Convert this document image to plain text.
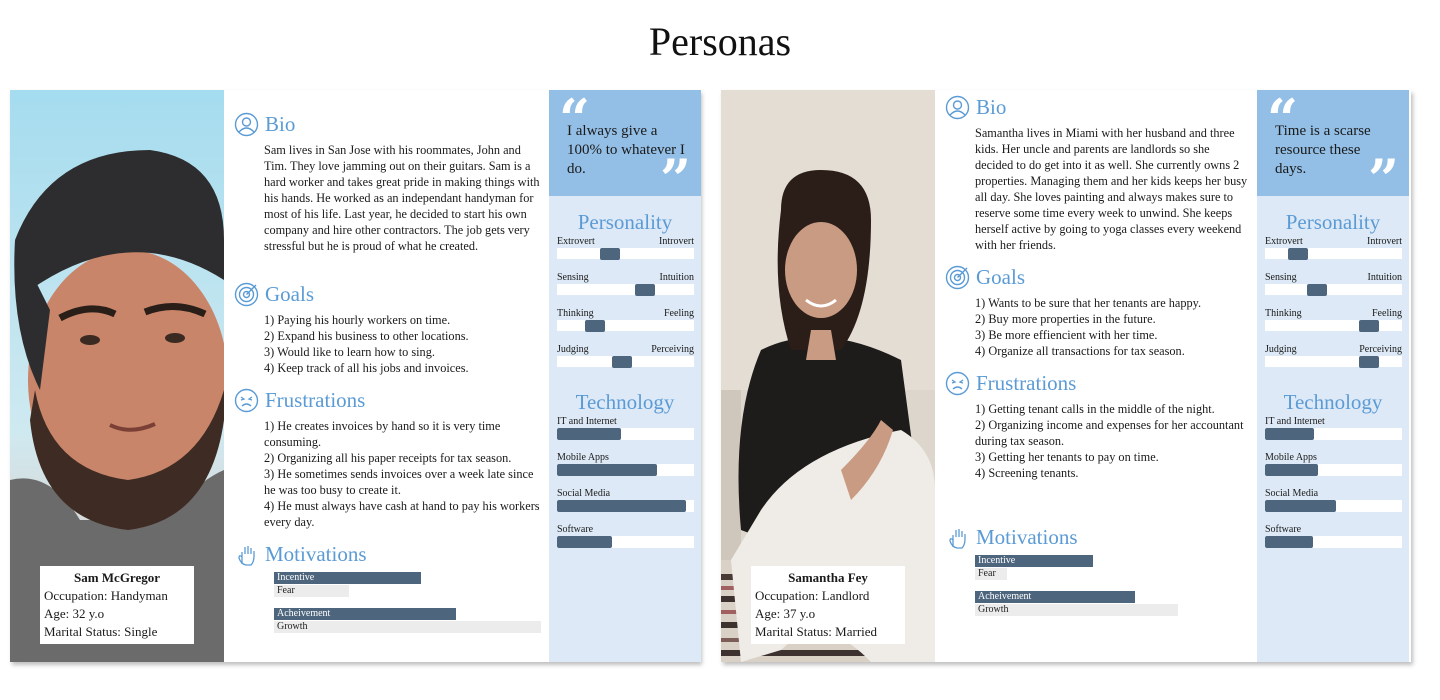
Personas
Sam McGregor
Occupation: Handyman
Age: 32 y.o
Marital Status: Single
Bio
Sam lives in San Jose with his roommates, John and Tim. They love jamming out on their guitars. Sam is a hard worker and takes great pride in making things with his hands. He worked as an independant handyman for most of his life. Last year, he decided to start his own company and hire other contractors. The job gets very stressful but he is proud of what he created.
Goals
1) Paying his hourly workers on time.
2) Expand his business to other locations.
3) Would like to learn how to sing.
4) Keep track of all his jobs and invoices.
Frustrations
1) He creates invoices by hand so it is very time consuming.
2) Organizing all his paper receipts for tax season.
3) He sometimes sends invoices over a week late since he was too busy to create it.
4) He must always have cash at hand to pay his workers every day.
Motivations
Incentive
Fear
Acheivement
Growth
“
I always give a 100% to whatever I do.	”
Personality
Technology
Extrovert	Introvert
Sensing	Intuition
Thinking	Feeling
Judging	Perceiving
IT and Internet
Mobile Apps
Social Media
Software
Samantha Fey
Occupation: Landlord
Age: 37 y.o
Marital Status: Married
Bio
Samantha lives in Miami with her husband and three kids. Her uncle and parents are landlords so she decided to do get into it as well. She currently owns 2 properties. Managing them and her kids keeps her busy all day. She loves painting and always makes sure to reserve some time every week to unwind. She keeps herself active by going to yoga classes every weekend with her friends.
Goals
1) Wants to be sure that her tenants are happy.
2) Buy more properties in the future.
3) Be more effiencient with her time.
4) Organize all transactions for tax season.
Frustrations
1) Getting tenant calls in the middle of the night.
2) Organizing income and expenses for her accountant during tax season.
3) Getting her tenants to pay on time.
4) Screening tenants.
Motivations
Incentive
Fear
Acheivement
Growth
“
Time is a scarse resource these days.	”
Personality
Technology
Extrovert	Introvert
Sensing	Intuition
Thinking	Feeling
Judging	Perceiving
IT and Internet
Mobile Apps
Social Media
Software
